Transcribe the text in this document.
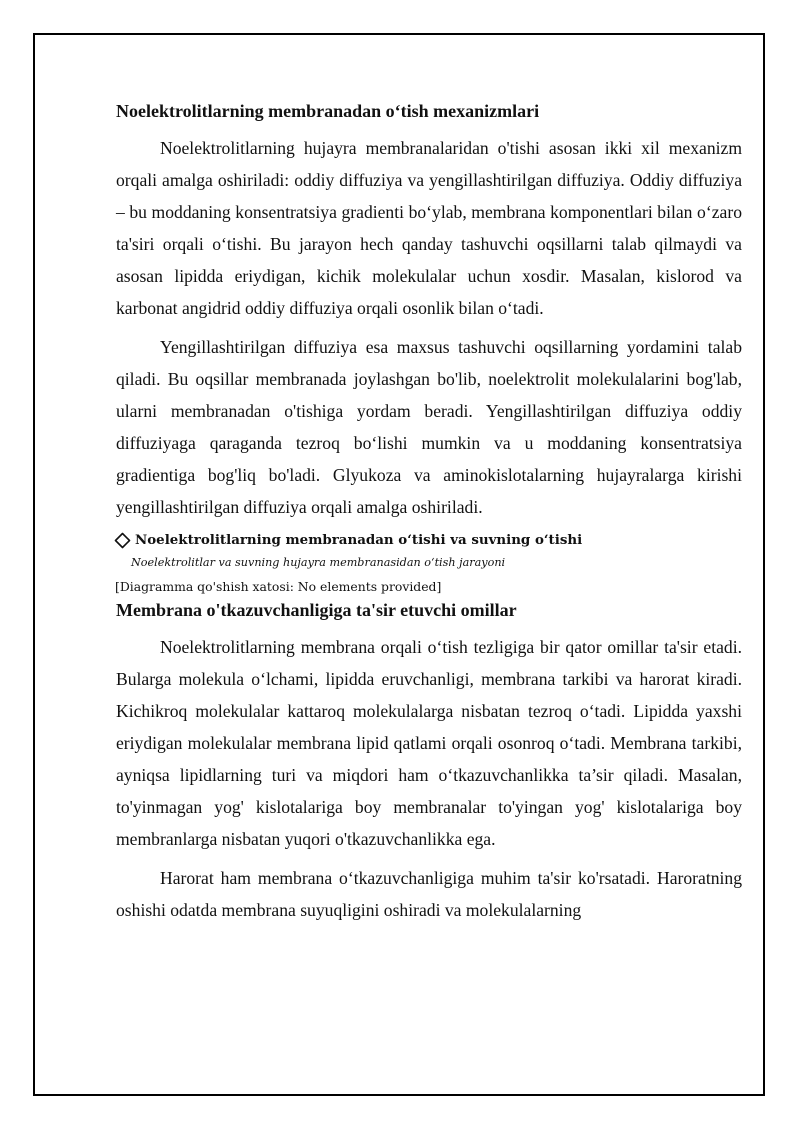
Noelektrolitlarning membranadan o‘tish mexanizmlari

Noelektrolitlarning hujayra membranalaridan o'tishi asosan ikki xil mexanizm orqali amalga oshiriladi: oddiy diffuziya va yengillashtirilgan diffuziya. Oddiy diffuziya – bu moddaning konsentratsiya gradienti bo‘ylab, membrana komponentlari bilan o‘zaro ta'siri orqali o‘tishi. Bu jarayon hech qanday tashuvchi oqsillarni talab qilmaydi va asosan lipidda eriydigan, kichik molekulalar uchun xosdir. Masalan, kislorod va karbonat angidrid oddiy diffuziya orqali osonlik bilan o‘tadi.

Yengillashtirilgan diffuziya esa maxsus tashuvchi oqsillarning yordamini talab qiladi. Bu oqsillar membranada joylashgan bo'lib, noelektrolit molekulalarini bog'lab, ularni membranadan o'tishiga yordam beradi. Yengillashtirilgan diffuziya oddiy diffuziyaga qaraganda tezroq bo‘lishi mumkin va u moddaning konsentratsiya gradientiga bog'liq bo'ladi. Glyukoza va aminokislotalarning hujayralarga kirishi yengillashtirilgan diffuziya orqali amalga oshiriladi.

Noelektrolitlarning membranadan o‘tishi va suvning o‘tishi
Noelektrolitlar va suvning hujayra membranasidan o‘tish jarayoni
[Diagramma qo'shish xatosi: No elements provided]
Membrana o'tkazuvchanligiga ta'sir etuvchi omillar

Noelektrolitlarning membrana orqali o‘tish tezligiga bir qator omillar ta'sir etadi. Bularga molekula o‘lchami, lipidda eruvchanligi, membrana tarkibi va harorat kiradi. Kichikroq molekulalar kattaroq molekulalarga nisbatan tezroq o‘tadi. Lipidda yaxshi eriydigan molekulalar membrana lipid qatlami orqali osonroq o‘tadi. Membrana tarkibi, ayniqsa lipidlarning turi va miqdori ham o‘tkazuvchanlikka ta’sir qiladi. Masalan, to'yinmagan yog' kislotalariga boy membranalar to'yingan yog' kislotalariga boy membranlarga nisbatan yuqori o'tkazuvchanlikka ega.

Harorat ham membrana o‘tkazuvchanligiga muhim ta'sir ko'rsatadi. Haroratning oshishi odatda membrana suyuqligini oshiradi va molekulalarning
